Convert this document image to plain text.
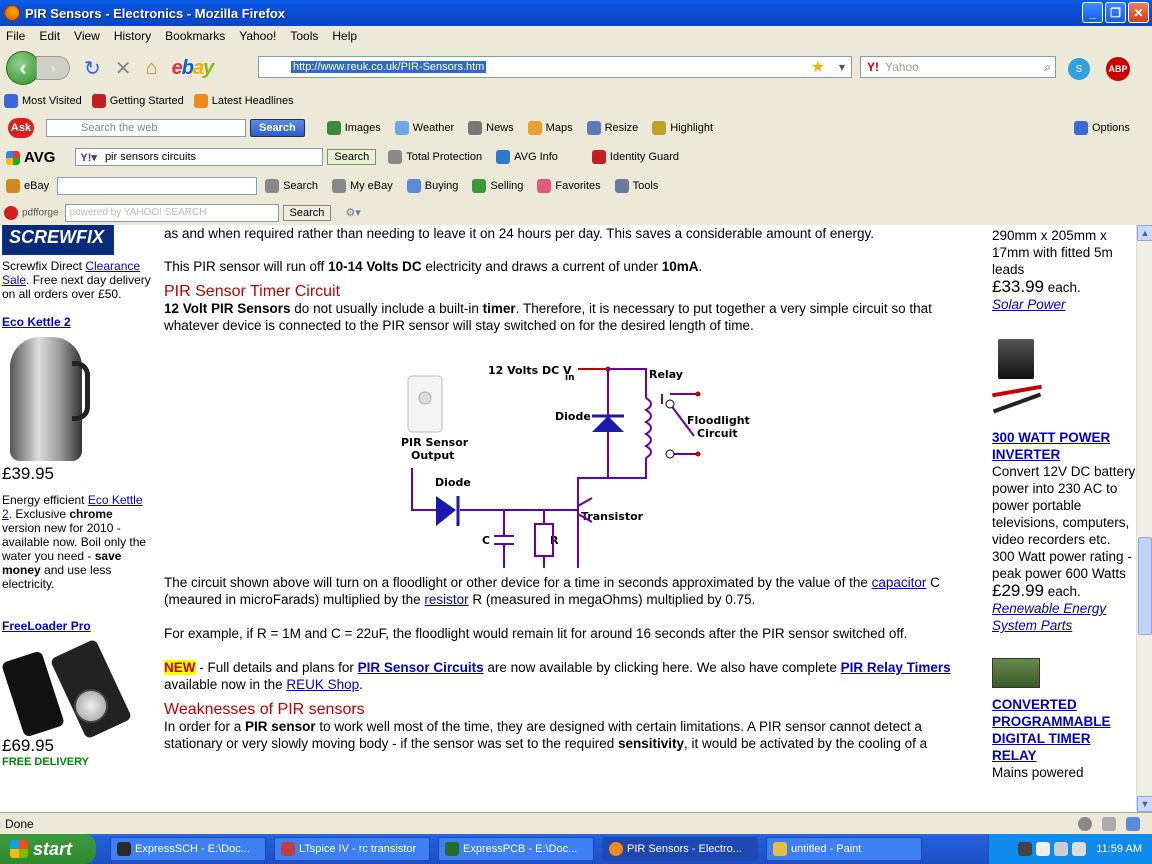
PIR Sensors - Electronics - Mozilla Firefox	_	❐	✕
File Edit View History Bookmarks Yahoo! Tools Help
‹	›	↻ ✕ ⌂ ebay	http://www.reuk.co.uk/PIR-Sensors.htm	★ ▾ Y! Yahoo	⌕	S	ABP
Most Visited	Getting Started	Latest Headlines
Ask	Search the web	Search	Images	Weather	News	Maps	Resize	Highlight	Options
AVG Y!▾ pir sensors circuits	Search	Total Protection	AVG Info	Identity Guard
eBay	Search	My eBay	Buying	Selling	Favorites	Tools
pdfforge powered by YAHOO! SEARCH	Search	⚙▾
SCREWFIX
Screwfix Direct Clearance Sale. Free next day delivery on all orders over £50.
Eco Kettle 2
£39.95
Energy efficient Eco Kettle 2. Exclusive chrome version new for 2010 - available now. Boil only the water you need - save money and use less electricity.
FreeLoader Pro
£69.95
FREE DELIVERY
as and when required rather than needing to leave it on 24 hours per day. This saves a considerable amount of energy.
This PIR sensor will run off 10-14 Volts DC electricity and draws a current of under 10mA.
PIR Sensor Timer Circuit
12 Volt PIR Sensors do not usually include a built-in timer. Therefore, it is necessary to put together a very simple circuit so that whatever device is connected to the PIR sensor will stay switched on for the desired length of time.
12 Volts DC V
in	Relay
Diode	Floodlight
Circuit
PIR Sensor
Output
Diode
Transistor
C	R
The circuit shown above will turn on a floodlight or other device for a time in seconds approximated by the value of the capacitor C (meaured in microFarads) multiplied by the resistor R (measured in megaOhms) multiplied by 0.75.
For example, if R = 1M and C = 22uF, the floodlight would remain lit for around 16 seconds after the PIR sensor switched off.
NEW - Full details and plans for PIR Sensor Circuits are now available by clicking here. We also have complete PIR Relay Timers available now in the REUK Shop.
Weaknesses of PIR sensors
In order for a PIR sensor to work well most of the time, they are designed with certain limitations. A PIR sensor cannot detect a stationary or very slowly moving body - if the sensor was set to the required sensitivity, it would be activated by the cooling of a
290mm x 205mm x 17mm with fitted 5m leads
£33.99 each.
Solar Power
300 WATT POWER INVERTER
Convert 12V DC battery power into 230 AC to power portable televisions, computers, video recorders etc. 300 Watt power rating - peak power 600 Watts
£29.99 each.
Renewable Energy System Parts
CONVERTED PROGRAMMABLE DIGITAL TIMER RELAY
Mains powered
▲
▼
Done
start	ExpressSCH - E:\Doc...	LTspice IV - rc transistor	ExpressPCB - E:\Doc...	PIR Sensors - Electro...	untitled - Paint	11:59 AM
